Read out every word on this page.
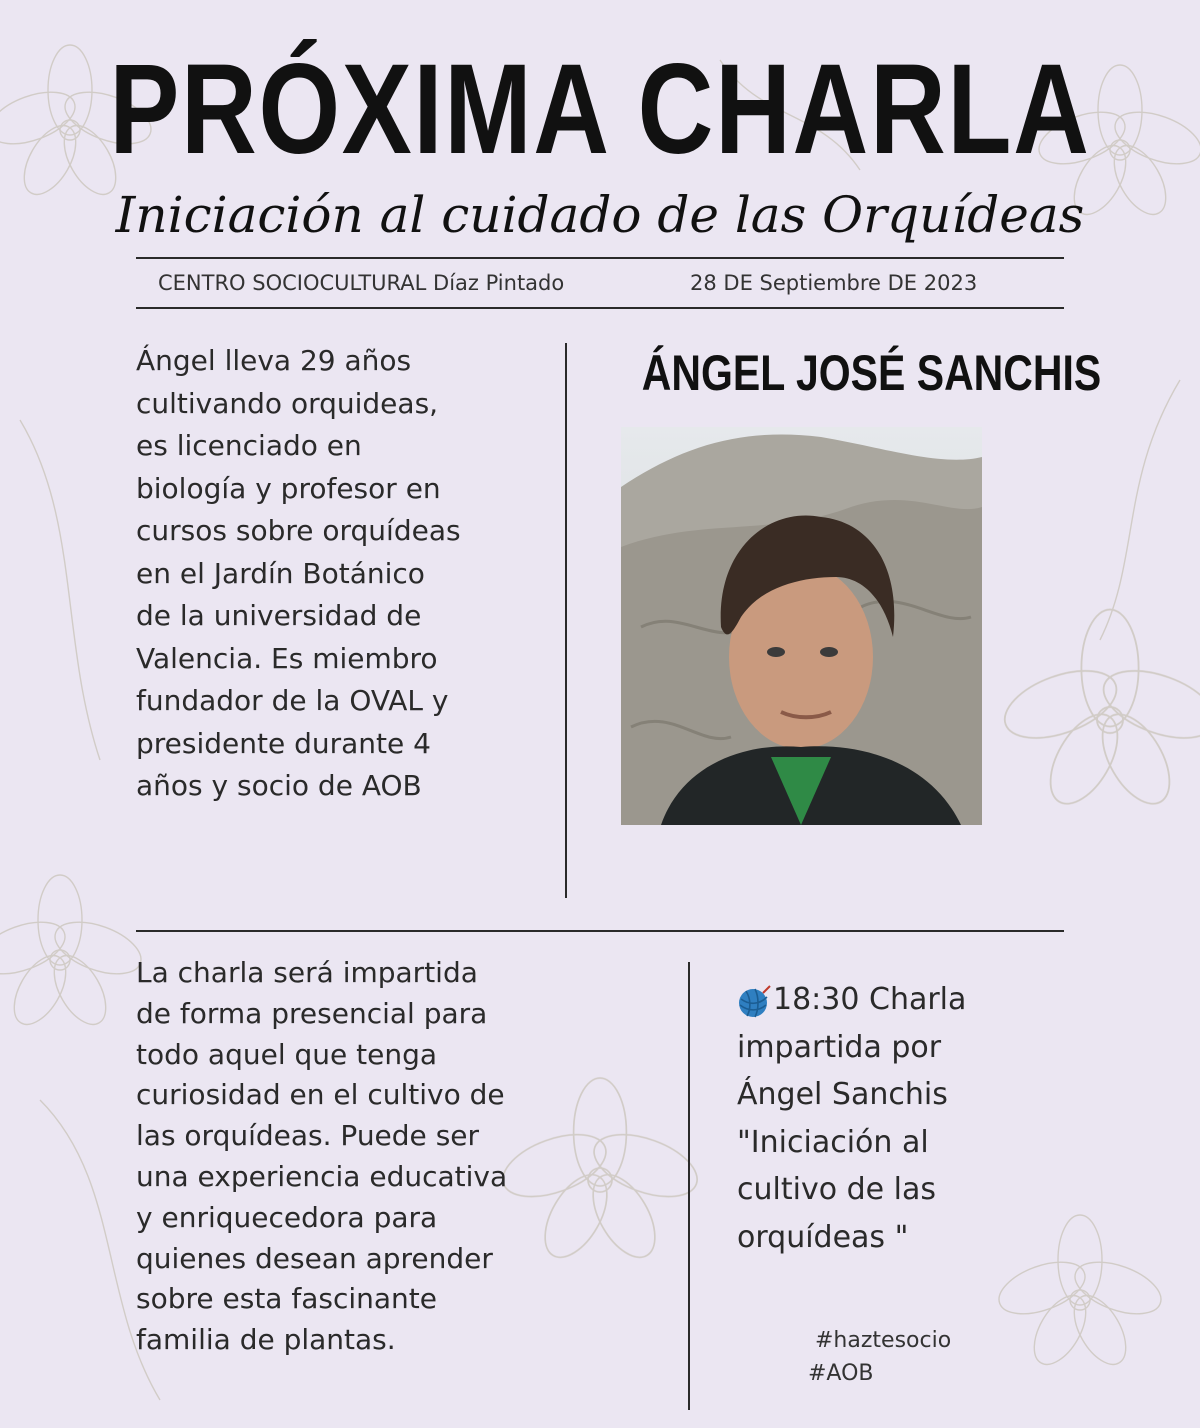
PRÓXIMA CHARLA
Iniciación al cuidado de las Orquídeas
CENTRO SOCIOCULTURAL Díaz Pintado	28 DE Septiembre DE 2023
Ángel lleva 29 años
cultivando orquideas,
es licenciado en
biología y profesor en
cursos sobre orquídeas
en el Jardín Botánico
de la universidad de
Valencia. Es miembro
fundador de la OVAL y
presidente durante 4
años y socio de AOB
ÁNGEL JOSÉ SANCHIS
La charla será impartida
de forma presencial para
todo aquel que tenga
curiosidad en el cultivo de
las orquídeas. Puede ser
una experiencia educativa
y enriquecedora para
quienes desean aprender
sobre esta fascinante
familia de plantas.
18:30 Charla
impartida por
Ángel Sanchis
"Iniciación al
cultivo de las
orquídeas "
#haztesocio
#AOB
